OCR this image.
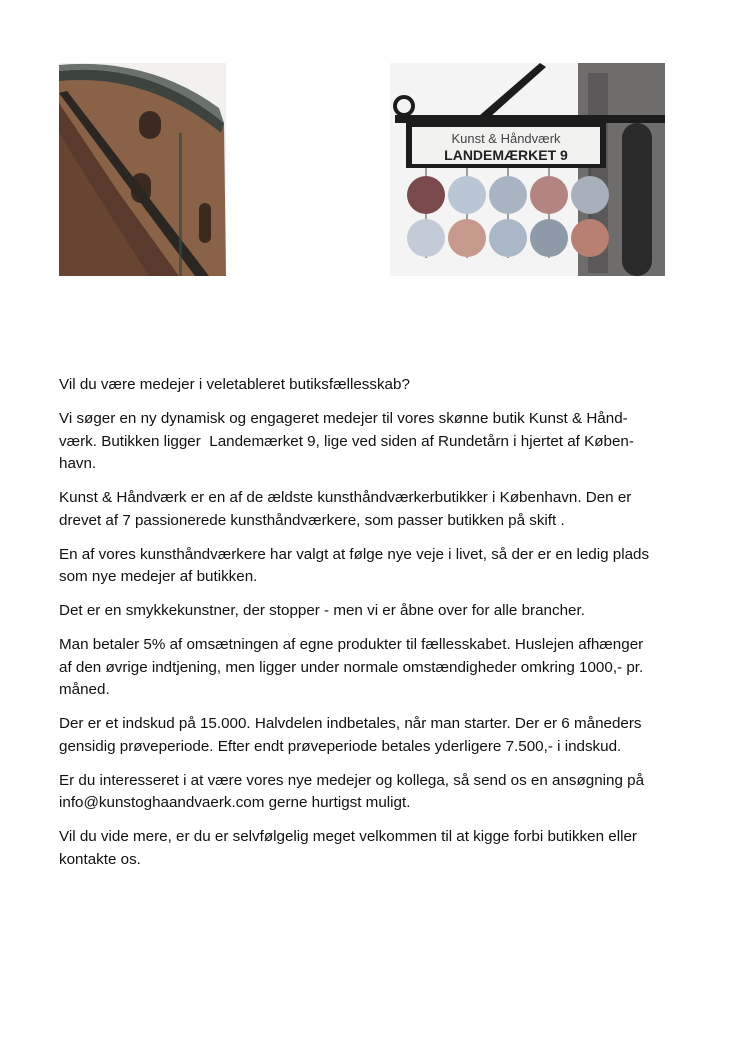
Kunst & Håndværk
LANDEMÆRKET 9

Vil du være medejer i veletableret butiksfællesskab?

Vi søger en ny dynamisk og engageret medejer til vores skønne butik Kunst & Hånd-
værk. Butikken ligger  Landemærket 9, lige ved siden af Rundetårn i hjertet af Køben-
havn.

Kunst & Håndværk er en af de ældste kunsthåndværkerbutikker i København. Den er
drevet af 7 passionerede kunsthåndværkere, som passer butikken på skift .

En af vores kunsthåndværkere har valgt at følge nye veje i livet, så der er en ledig plads
som nye medejer af butikken.

Det er en smykkekunstner, der stopper - men vi er åbne over for alle brancher.

Man betaler 5% af omsætningen af egne produkter til fællesskabet. Huslejen afhænger
af den øvrige indtjening, men ligger under normale omstændigheder omkring 1000,- pr.
måned.

Der er et indskud på 15.000. Halvdelen indbetales, når man starter. Der er 6 måneders
gensidig prøveperiode. Efter endt prøveperiode betales yderligere 7.500,- i indskud.

Er du interesseret i at være vores nye medejer og kollega, så send os en ansøgning på
info@kunstoghaandvaerk.com gerne hurtigst muligt.

Vil du vide mere, er du er selvfølgelig meget velkommen til at kigge forbi butikken eller
kontakte os.
